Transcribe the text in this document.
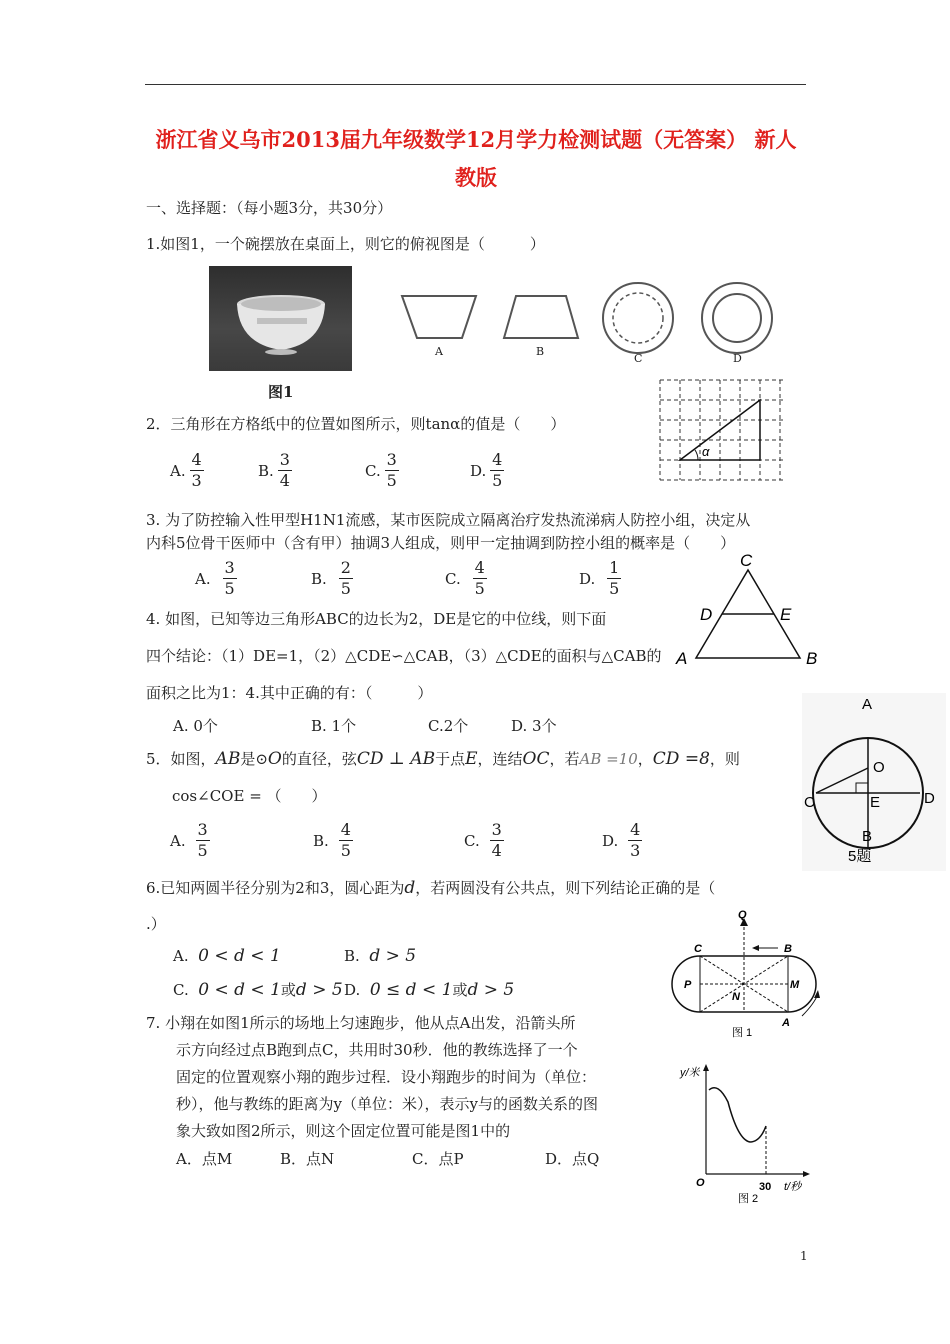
浙江省义乌市2013届九年级数学12月学力检测试题（无答案） 新人
教版
一、选择题：（每小题3分，共30分）
1.如图1，一个碗摆放在桌面上，则它的俯视图是（　　　）
图1
A	B
C	D
2．三角形在方格纸中的位置如图所示，则tanα的值是（　　）
A. $\frac{4}{3}$	B. $\frac{3}{4}$	C. $\frac{3}{5}$	D. $\frac{4}{5}$	α
3. 为了防控输入性甲型H1N1流感，某市医院成立隔离治疗发热流涕病人防控小组，决定从
内科5位骨干医师中（含有甲）抽调3人组成，则甲一定抽调到防控小组的概率是（　　）
A. $\frac{3}{5}$	B. $\frac{2}{5}$	C. $\frac{4}{5}$	D. $\frac{1}{5}$
4. 如图，已知等边三角形ABC的边长为2，DE是它的中位线，则下面
四个结论：（1）DE=1，（2）△CDE∽△CAB，（3）△CDE的面积与△CAB的
面积之比为1：4.其中正确的有：（　　　）
A. 0个	B. 1个	C.2个	D. 3个
C
D	E
A	B
5．如图，AB是⊙O的直径，弦CD ⊥ AB于点E，连结OC，若AB =10，CD =8，则
cos∠COE = （　　）
A. $\frac{3}{5}$	B. $\frac{4}{5}$	C. $\frac{3}{4}$	D. $\frac{4}{3}$
A
O
C	E	D
B
5题
6.已知两圆半径分别为2和3，圆心距为d，若两圆没有公共点，则下列结论正确的是（
.）
A. 0 < d < 1	B. d > 5
C. 0 < d < 1或d > 5 D. 0 ≤ d < 1或d > 5
7. 小翔在如图1所示的场地上匀速跑步，他从点A出发，沿箭头所
示方向经过点B跑到点C，共用时30秒．他的教练选择了一个
固定的位置观察小翔的跑步过程．设小翔跑步的时间为（单位：
秒），他与教练的距离为y（单位：米），表示y与的函数关系的图
象大致如图2所示，则这个固定位置可能是图1中的
A．点M	B．点N	C．点P	D．点Q
Q
C	B
P	M
N
A
图 1
y/米
O	30 t/秒
图 2
1
